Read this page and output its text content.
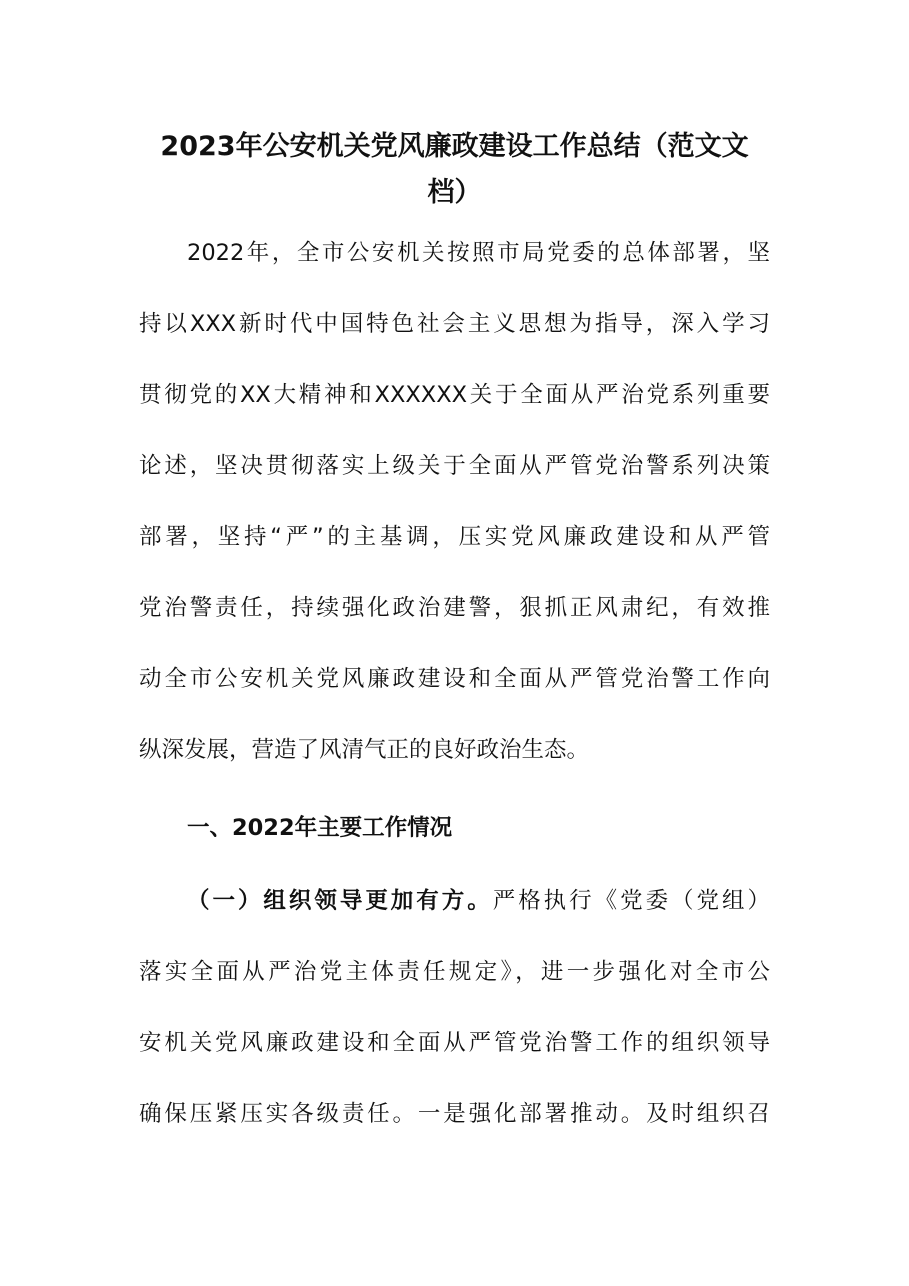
2023年公安机关党风廉政建设工作总结（范文文
档）
2022年，全市公安机关按照市局党委的总体部署，坚
持以XXX新时代中国特色社会主义思想为指导，深入学习
贯彻党的XX大精神和XXXXXX关于全面从严治党系列重要
论述，坚决贯彻落实上级关于全面从严管党治警系列决策
部署，坚持“严”的主基调，压实党风廉政建设和从严管
党治警责任，持续强化政治建警，狠抓正风肃纪，有效推
动全市公安机关党风廉政建设和全面从严管党治警工作向
纵深发展，营造了风清气正的良好政治生态。
一、2022年主要工作情况
（一）组织领导更加有方。严格执行《党委（党组）
落实全面从严治党主体责任规定》，进一步强化对全市公
安机关党风廉政建设和全面从严管党治警工作的组织领导
确保压紧压实各级责任。一是强化部署推动。及时组织召
